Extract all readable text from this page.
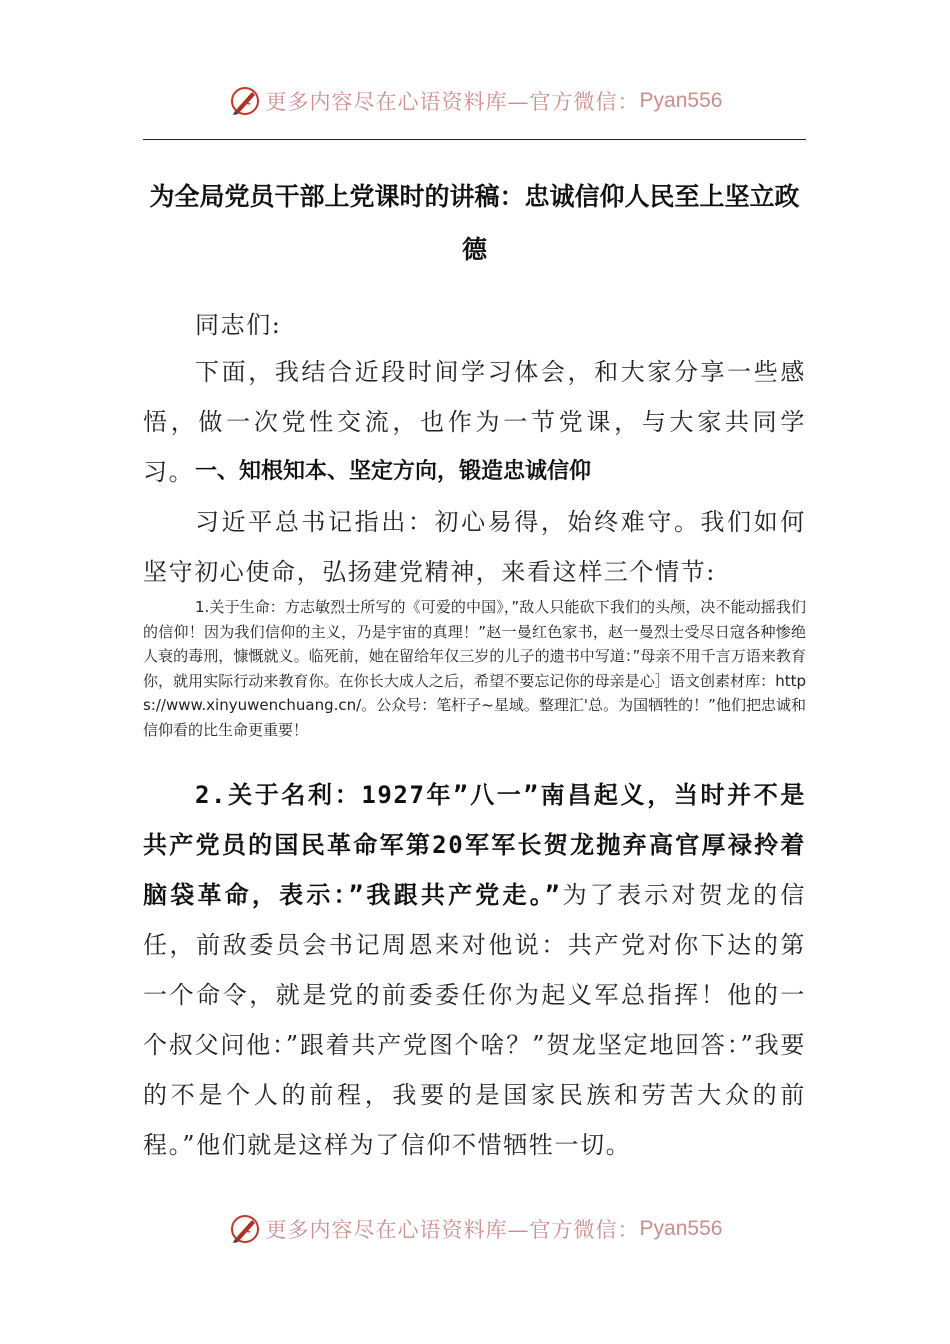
更多内容尽在心语资料库—官方微信：Pyan556
为全局党员干部上党课时的讲稿：忠诚信仰人民至上坚立政德

同志们:

下面，我结合近段时间学习体会，和大家分享一些感悟，做一次党性交流，也作为一节党课，与大家共同学习。 一、知根知本、坚定方向，锻造忠诚信仰

习近平总书记指出：初心易得，始终难守。我们如何坚守初心使命，弘扬建党精神，来看这样三个情节:

1.关于生命：方志敏烈士所写的《可爱的中国》，”敌人只能砍下我们的头颅，决不能动摇我们的信仰！因为我们信仰的主义，乃是宇宙的真理！”赵一曼红色家书，赵一曼烈士受尽日寇各种惨绝人衰的毒刑，慷慨就义。临死前，她在留给年仅三岁的儿子的遗书中写道：”母亲不用千言万语来教育你，就用实际行动来教育你。在你长大成人之后，希望不要忘记你的母亲是心］语文创素材库：https://www.xinyuwenchuang.cn/。公众号：笔杆子~星域。整理汇'总。为国牺牲的！”他们把忠诚和信仰看的比生命更重要！

2.关于名利：1927年”八一”南昌起义，当时并不是共产党员的国民革命军第20军军长贺龙抛弃高官厚禄拎着脑袋革命，表示：”我跟共产党走。”为了表示对贺龙的信任，前敌委员会书记周恩来对他说：共产党对你下达的第一个命令，就是党的前委委任你为起义军总指挥！他的一个叔父问他：”跟着共产党图个啥？”贺龙坚定地回答：”我要的不是个人的前程，我要的是国家民族和劳苦大众的前程。”他们就是这样为了信仰不惜牺牲一切。

更多内容尽在心语资料库—官方微信：Pyan556
